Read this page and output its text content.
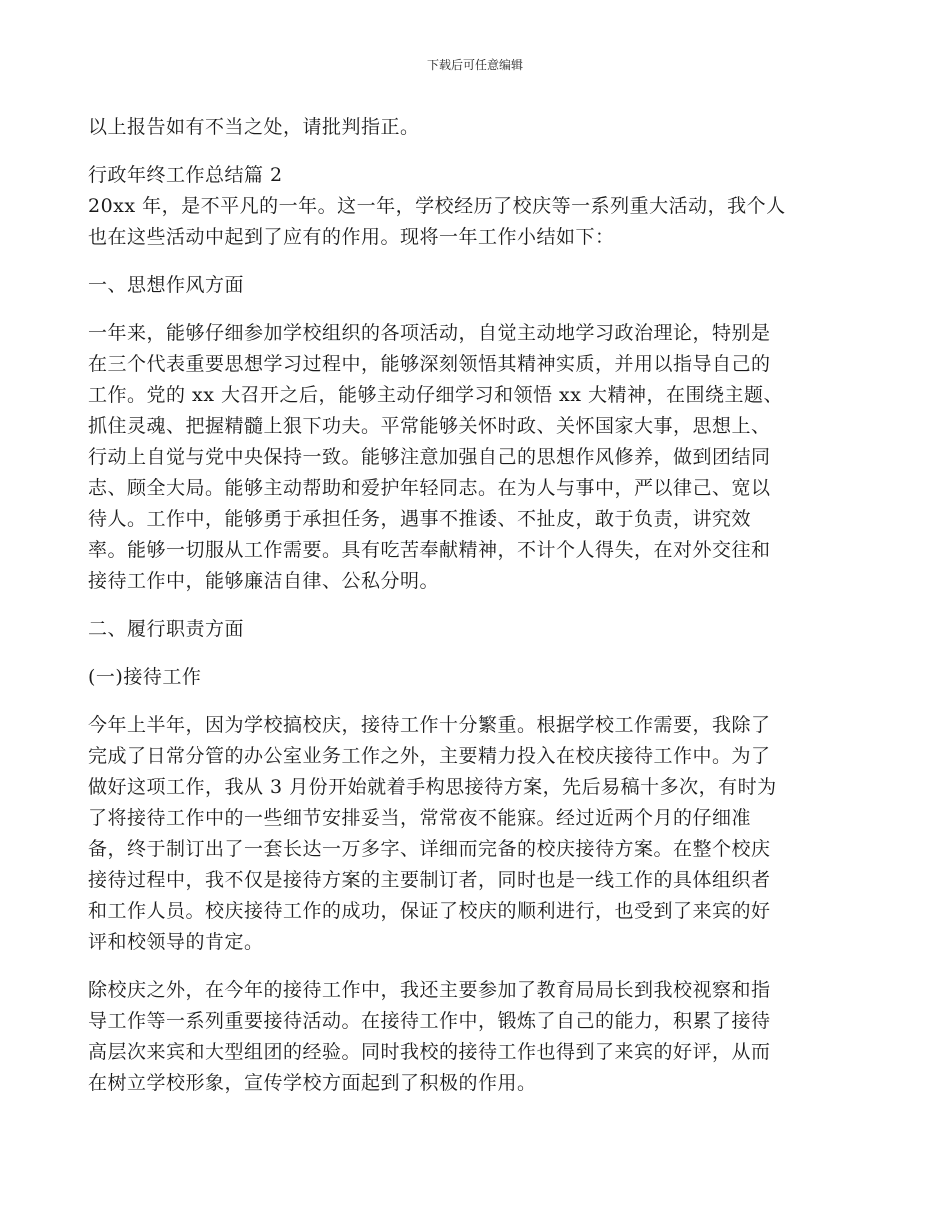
下载后可任意编辑
以上报告如有不当之处，请批判指正。
行政年终工作总结篇 2
20xx 年，是不平凡的一年。这一年，学校经历了校庆等一系列重大活动，我个人
也在这些活动中起到了应有的作用。现将一年工作小结如下：
一、思想作风方面
一年来，能够仔细参加学校组织的各项活动，自觉主动地学习政治理论，特别是
在三个代表重要思想学习过程中，能够深刻领悟其精神实质，并用以指导自己的
工作。党的 xx 大召开之后，能够主动仔细学习和领悟 xx 大精神，在围绕主题、
抓住灵魂、把握精髓上狠下功夫。平常能够关怀时政、关怀国家大事，思想上、
行动上自觉与党中央保持一致。能够注意加强自己的思想作风修养，做到团结同
志、顾全大局。能够主动帮助和爱护年轻同志。在为人与事中，严以律己、宽以
待人。工作中，能够勇于承担任务，遇事不推诿、不扯皮，敢于负责，讲究效
率。能够一切服从工作需要。具有吃苦奉献精神，不计个人得失，在对外交往和
接待工作中，能够廉洁自律、公私分明。
二、履行职责方面
(一)接待工作
今年上半年，因为学校搞校庆，接待工作十分繁重。根据学校工作需要，我除了
完成了日常分管的办公室业务工作之外，主要精力投入在校庆接待工作中。为了
做好这项工作，我从 3 月份开始就着手构思接待方案，先后易稿十多次，有时为
了将接待工作中的一些细节安排妥当，常常夜不能寐。经过近两个月的仔细准
备，终于制订出了一套长达一万多字、详细而完备的校庆接待方案。在整个校庆
接待过程中，我不仅是接待方案的主要制订者，同时也是一线工作的具体组织者
和工作人员。校庆接待工作的成功，保证了校庆的顺利进行，也受到了来宾的好
评和校领导的肯定。
除校庆之外，在今年的接待工作中，我还主要参加了教育局局长到我校视察和指
导工作等一系列重要接待活动。在接待工作中，锻炼了自己的能力，积累了接待
高层次来宾和大型组团的经验。同时我校的接待工作也得到了来宾的好评，从而
在树立学校形象，宣传学校方面起到了积极的作用。
